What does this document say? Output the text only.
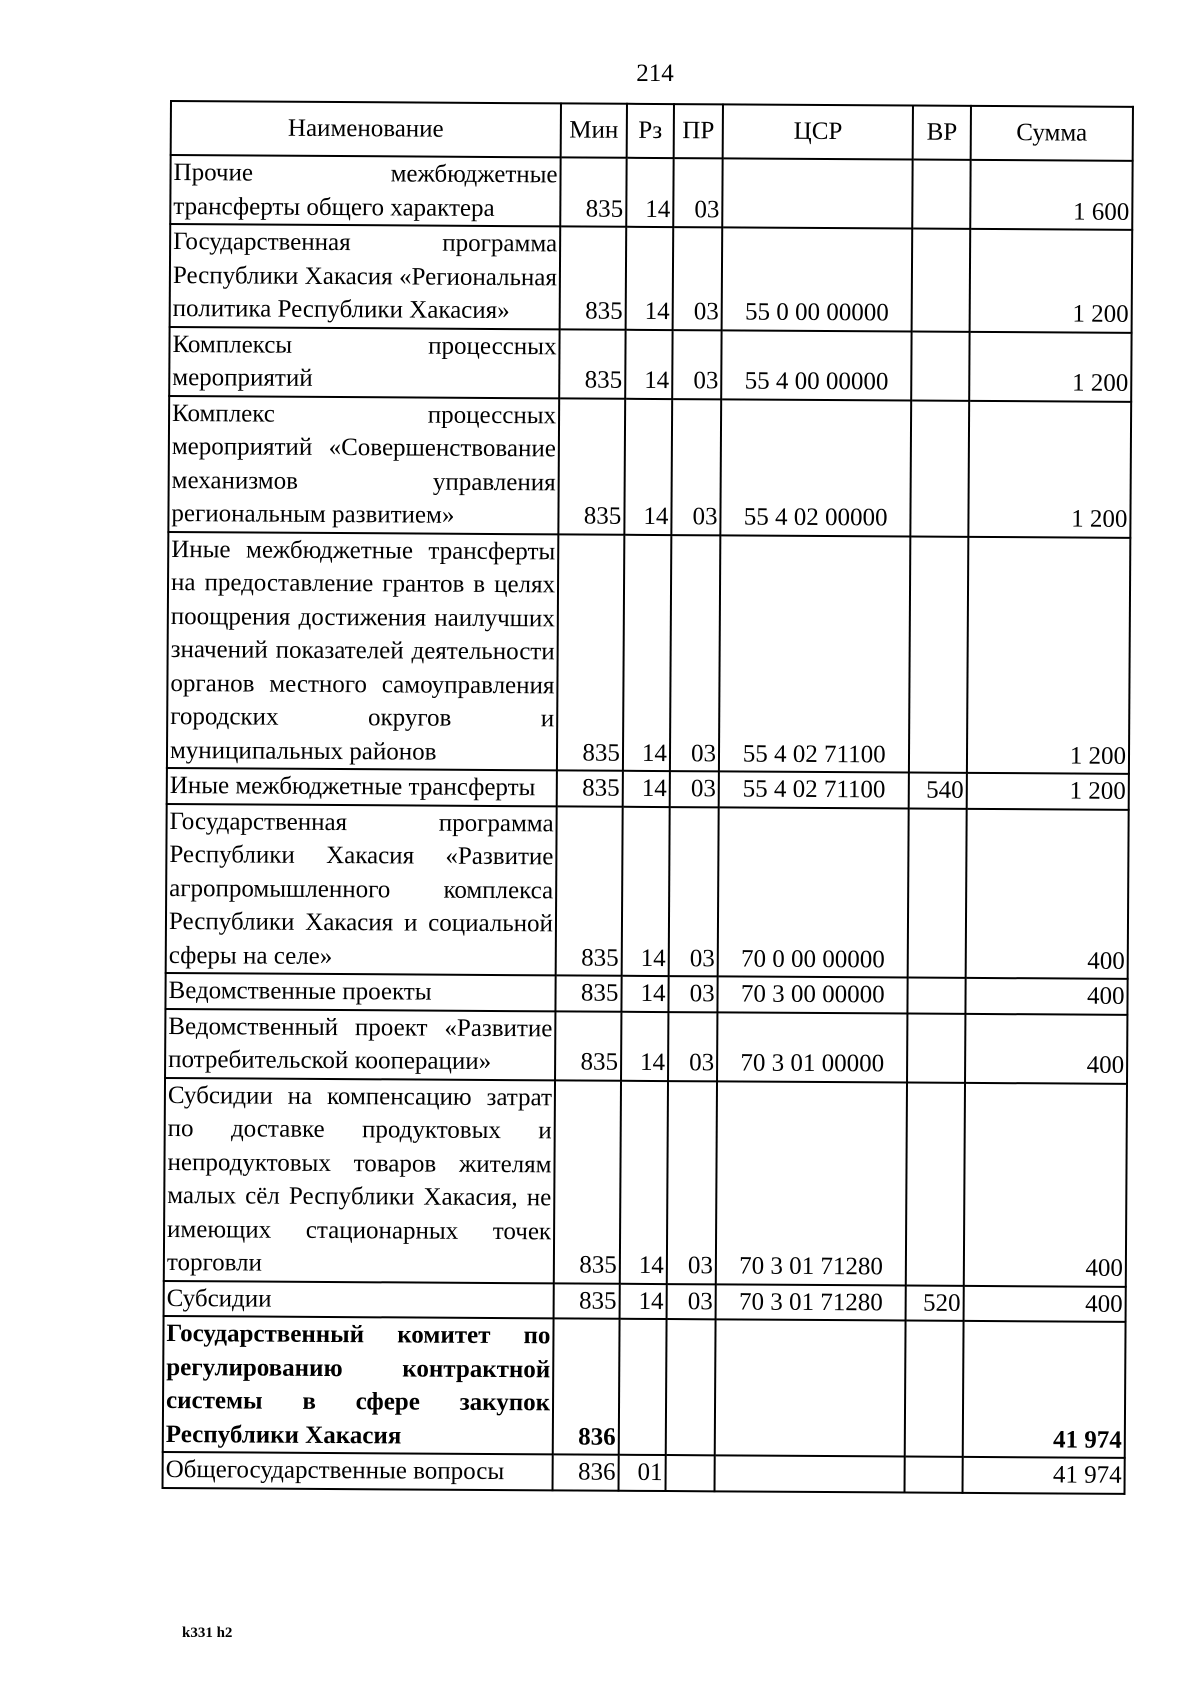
214
Наименование	Мин	Рз	ПР	ЦСР	ВР	Сумма
Прочие межбюджетные трансферты общего характера	835	14	03			1 600
Государственная программа Республики Хакасия «Региональная политика Республики Хакасия»	835	14	03	55 0 00 00000		1 200
Комплексы процессных мероприятий	835	14	03	55 4 00 00000		1 200
Комплекс процессных мероприятий «Совершенствование механизмов управления региональным развитием»	835	14	03	55 4 02 00000		1 200
Иные межбюджетные трансферты на предоставление грантов в целях поощрения достижения наилучших значений показателей деятельности органов местного самоуправления городских округов и муниципальных районов	835	14	03	55 4 02 71100		1 200
Иные межбюджетные трансферты	835	14	03	55 4 02 71100	540	1 200
Государственная программа Республики Хакасия «Развитие агропромышленного комплекса Республики Хакасия и социальной сферы на селе»	835	14	03	70 0 00 00000		400
Ведомственные проекты	835	14	03	70 3 00 00000		400
Ведомственный проект «Развитие потребительской кооперации»	835	14	03	70 3 01 00000		400
Субсидии на компенсацию затрат по доставке продуктовых и непродуктовых товаров жителям малых сёл Республики Хакасия, не имеющих стационарных точек торговли	835	14	03	70 3 01 71280		400
Субсидии	835	14	03	70 3 01 71280	520	400
Государственный комитет по регулированию контрактной системы в сфере закупок Республики Хакасия	836					41 974
Общегосударственные вопросы	836	01				41 974
k331 h2
